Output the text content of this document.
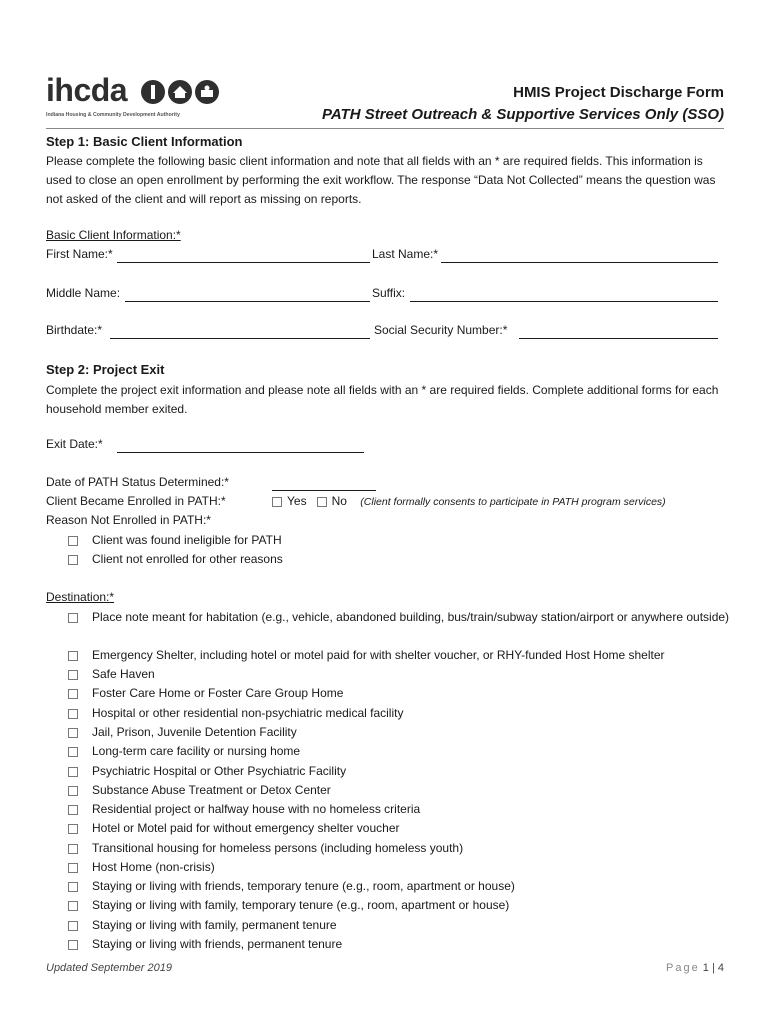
ihcda
Indiana Housing & Community Development Authority
HMIS Project Discharge Form
PATH Street Outreach & Supportive Services Only (SSO)
Step 1: Basic Client Information
Please complete the following basic client information and note that all fields with an * are required fields. This information is used to close an open enrollment by performing the exit workflow. The response “Data Not Collected” means the question was not asked of the client and will report as missing on reports.
Basic Client Information:*
First Name:*	Last Name:*
Middle Name:	Suffix:
Birthdate:*	Social Security Number:*
Step 2: Project Exit
Complete the project exit information and please note all fields with an * are required fields. Complete additional forms for each household member exited.
Exit Date:*
Date of PATH Status Determined:*
Client Became Enrolled in PATH:*	Yes No (Client formally consents to participate in PATH program services)
Reason Not Enrolled in PATH:*
Client was found ineligible for PATH
Client not enrolled for other reasons
Destination:*
Place note meant for habitation (e.g., vehicle, abandoned building, bus/train/subway station/airport or anywhere outside)
Emergency Shelter, including hotel or motel paid for with shelter voucher, or RHY-funded Host Home shelter
Safe Haven
Foster Care Home or Foster Care Group Home
Hospital or other residential non-psychiatric medical facility
Jail, Prison, Juvenile Detention Facility
Long-term care facility or nursing home
Psychiatric Hospital or Other Psychiatric Facility
Substance Abuse Treatment or Detox Center
Residential project or halfway house with no homeless criteria
Hotel or Motel paid for without emergency shelter voucher
Transitional housing for homeless persons (including homeless youth)
Host Home (non-crisis)
Staying or living with friends, temporary tenure (e.g., room, apartment or house)
Staying or living with family, temporary tenure (e.g., room, apartment or house)
Staying or living with family, permanent tenure
Staying or living with friends, permanent tenure
Updated September 2019	Page 1 | 4
